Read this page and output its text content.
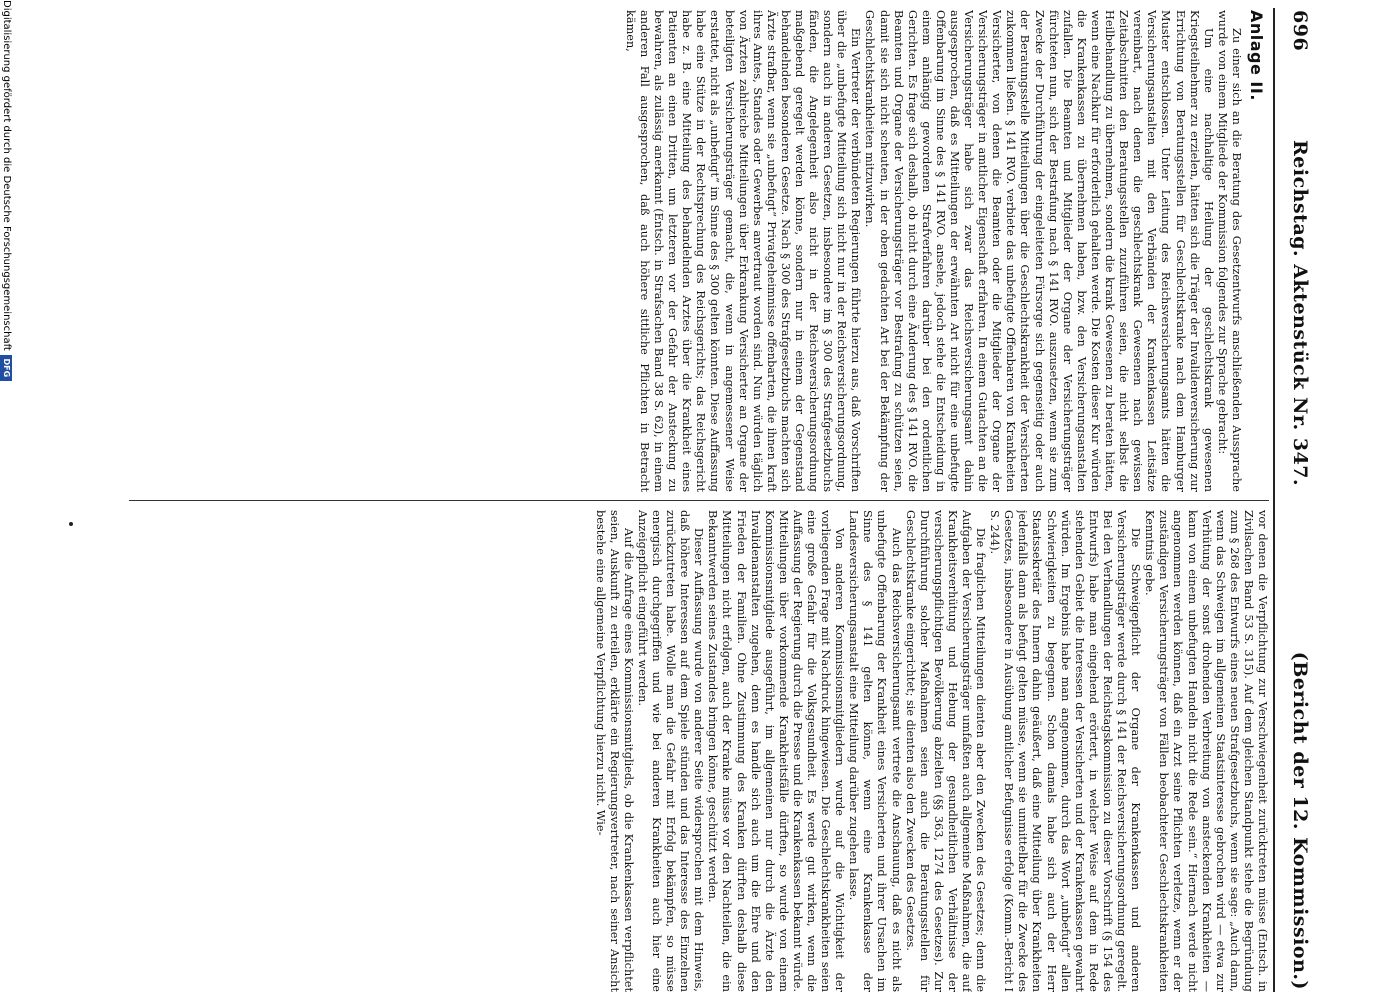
696
Reichstag. Aktenstück Nr. 347.
(Bericht der 12. Kommission.)
Anlage II.

Zu einer sich an die Beratung des Gesetzentwurfs anschließenden Aussprache wurde von einem Mitgliede der Kommission folgendes zur Sprache gebracht:

Um eine nachhaltige Heilung der geschlechtskrank gewesenen Kriegsteilnehmer zu erzielen, hätten sich die Träger der Invalidenversicherung zur Errichtung von Beratungsstellen für Geschlechtskranke nach dem Hamburger Muster entschlossen. Unter Leitung des Reichsversicherungsamts hätten die Versicherungsanstalten mit den Verbänden der Krankenkassen Leitsätze vereinbart, nach denen die geschlechtskrank Gewesenen nach gewissen Zeitabschnitten den Beratungsstellen zuzuführen seien, die nicht selbst die Heilbehandlung zu übernehmen, sondern die krank Gewesenen zu beraten hätten, wenn eine Nachkur für erforderlich gehalten werde. Die Kosten dieser Kur würden die Krankenkassen zu übernehmen haben, bzw. den Versicherungsanstalten zufallen. Die Beamten und Mitglieder der Organe der Versicherungsträger fürchteten nun, sich der Bestrafung nach § 141 RVO. auszusetzen, wenn sie zum Zwecke der Durchführung der eingeleiteten Fürsorge sich gegenseitig oder auch der Beratungsstelle Mitteilungen über die Geschlechtskrankheit der Versicherten zukommen ließen. § 141 RVO. verbiete das unbefugte Offenbaren von Krankheiten Versicherter, von denen die Beamten oder die Mitglieder der Organe der Versicherungsträger in amtlicher Eigenschaft erfahren. In einem Gutachten an die Versicherungsträger habe sich zwar das Reichsversicherungsamt dahin ausgesprochen, daß es Mitteilungen der erwähnten Art nicht für eine unbefugte Offenbarung im Sinne des § 141 RVO. ansehe, jedoch stehe die Entscheidung in einem anhängig gewordenen Strafverfahren darüber bei den ordentlichen Gerichten. Es frage sich deshalb, ob nicht durch eine Änderung des § 141 RVO. die Beamten und Organe der Versicherungsträger vor Bestrafung zu schützen seien, damit sie sich nicht scheuten, in der oben gedachten Art bei der Bekämpfung der Geschlechtskrankheiten mitzuwirken.

Ein Vertreter der verbündeten Regierungen führte hierzu aus, daß Vorschriften über die „unbefugte Mitteilung sich nicht nur in der Reichsversicherungsordnung, sondern auch in anderen Gesetzen, insbesondere im § 300 des Strafgesetzbuchs fänden, die Angelegenheit also nicht in der Reichsversicherungsordnung maßgebend geregelt werden könne, sondern nur in einem der Gegenstand behandelnden besonderen Gesetze. Nach § 300 des Strafgesetzbuchs machten sich Ärzte strafbar, wenn sie „unbefugt“ Privatgeheimnisse offenbarten, die ihnen kraft ihres Amtes, Standes oder Gewerbes anvertraut worden sind. Nun würden täglich von Ärzten zahlreiche Mitteilungen über Erkrankung Versicherter an Organe der beteiligten Versicherungsträger gemacht, die, wenn in angemessener Weise erstattet, nicht als „unbefugt“ im Sinne des § 300 gelten könnten. Diese Auffassung habe eine Stütze in der Rechtsprechung des Reichsgerichts; das Reichsgericht habe z. B. eine Mitteilung des behandelnden Arztes über die Krankheit eines Patienten an einen Dritten, um letzteren vor der Gefahr der Ansteckung zu bewahren, als zulässig anerkannt (Entsch. in Strafsachen Band 38 S. 62), in einem anderen Fall ausgesprochen, daß auch höhere sittliche Pflichten in Betracht kämen,

vor denen die Verpflichtung zur Verschwiegenheit zurücktreten müsse (Entsch. in Zivilsachen Band 53 S. 315). Auf dem gleichen Standpunkt stehe die Begründung zum § 268 des Entwurfs eines neuen Strafgesetzbuchs, wenn sie sage: „Auch dann, wenn das Schweigen im allgemeinen Staatsinteresse gebrochen wird — etwa zur Verhütung der sonst drohenden Verbreitung von ansteckenden Krankheiten — kann von einem unbefugten Handeln nicht die Rede sein.“ Hiernach werde nicht angenommen werden können, daß ein Arzt seine Pflichten verletze, wenn er der zuständigen Versicherungsträger von Fällen beobachteter Geschlechtskrankheiten Kenntnis gebe.

Die Schweigepflicht der Organe der Krankenkassen und anderen Versicherungsträger werde durch § 141 der Reichsversicherungsordnung geregelt. Bei den Verhandlungen der Reichstagskommission zu dieser Vorschrift (§ 154 des Entwurfs) habe man eingehend erörtert, in welcher Weise auf dem in Rede stehenden Gebiet die Interessen der Versicherten und der Krankenkassen gewahrt würden. Im Ergebnis habe man angenommen, durch das Wort „unbefugt“ allen Schwierigkeiten zu begegnen. Schon damals habe sich auch der Herr Staatssekretär des Innern dahin geäußert, daß eine Mitteilung über Krankheiten jedenfalls dann als befugt gelten müsse, wenn sie unmittelbar für die Zwecke des Gesetzes, insbesondere in Ausübung amtlicher Befugnisse erfolge (Komm.-Bericht I S. 244).

Die fraglichen Mitteilungen dienten aber den Zwecken des Gesetzes; denn die Aufgaben der Versicherungsträger umfaßten auch allgemeine Maßnahmen, die auf Krankheitsverhütung und Hebung der gesundheitlichen Verhältnisse der versicherungspflichtigen Bevölkerung abzielten (§§ 363, 1274 des Gesetzes). Zur Durchführung solcher Maßnahmen seien auch die Beratungsstellen für Geschlechtskranke eingerichtet; sie dienten also den Zwecken des Gesetzes.

Auch das Reichsversicherungsamt vertrete die Anschauung, daß es nicht als unbefugte Offenbarung der Krankheit eines Versicherten und ihrer Ursachen im Sinne des § 141 gelten könne, wenn eine Krankenkasse der Landesversicherungsanstalt eine Mitteilung darüber zugehen lasse.

Von anderen Kommissionsmitgliedern wurde auf die Wichtigkeit der vorliegenden Frage mit Nachdruck hingewiesen. Die Geschlechtskrankheiten seien eine große Gefahr für die Volksgesundheit. Es werde gut wirken, wenn die Auffassung der Regierung durch die Presse und die Krankenkassen bekannt würde. Mitteilungen über vorkommende Krankheitsfälle dürften, so wurde von einem Kommissionsmitgliede ausgeführt, im allgemeinen nur durch die Ärzte den Invalidenanstalten zugehen, denn es handle sich auch um die Ehre und den Frieden der Familien. Ohne Zustimmung des Kranken dürften deshalb diese Mitteilungen nicht erfolgen, auch der Kranke müsse vor den Nachteilen, die ein Bekanntwerden seines Zustandes bringen könne, geschützt werden.

Dieser Auffassung wurde von anderer Seite widersprochen mit dem Hinweis, daß höhere Interessen auf dem Spiele stünden und das Interesse des Einzelnen zurückzutreten habe. Wolle man die Gefahr mit Erfolg bekämpfen, so müsse energisch durchgegriffen und wie bei anderen Krankheiten auch hier eine Anzeigepflicht eingeführt werden.

Auf die Anfrage eines Kommissionsmitglieds, ob die Krankenkassen verpflichtet seien, Auskunft zu erteilen, erklärte ein Regierungsvertreter, nach seiner Ansicht bestehe eine allgemeine Verpflichtung hierzu nicht. Wie-

Digitalisierung gefördert durch die Deutsche Forschungsgemeinschaft
DFG
